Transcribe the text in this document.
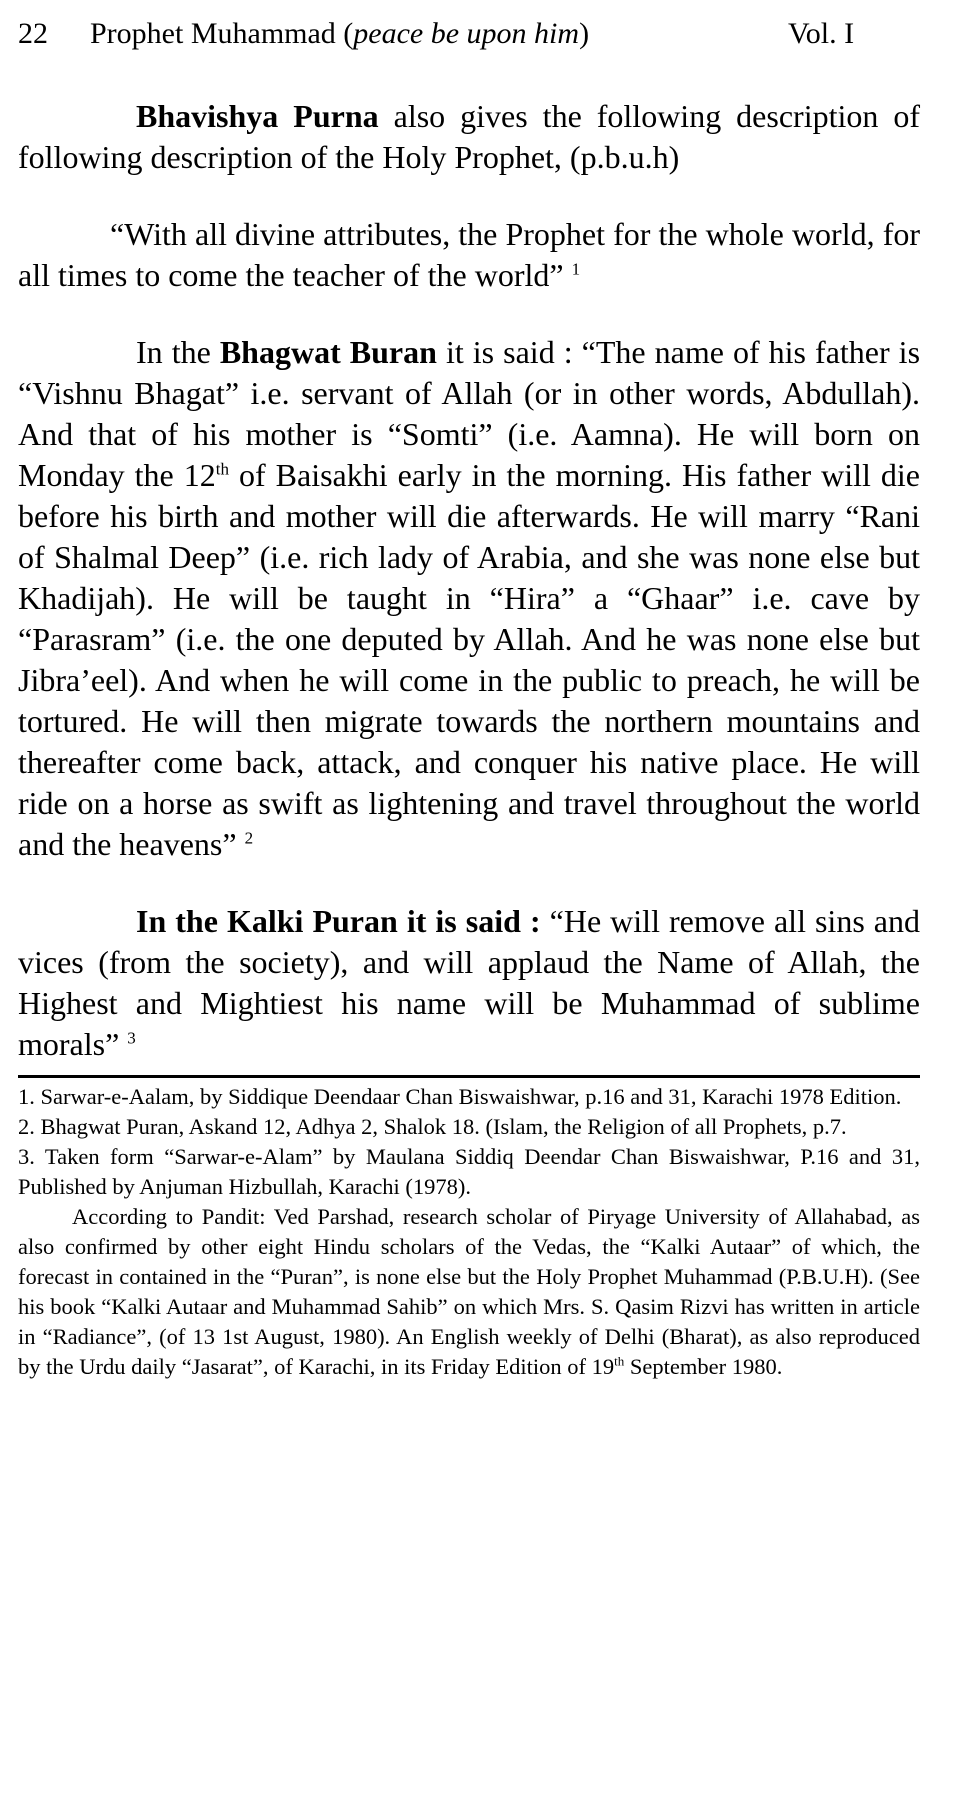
22 Prophet Muhammad (peace be upon him)	Vol. I

Bhavishya Purna also gives the following description of following description of the Holy Prophet, (p.b.u.h)

“With all divine attributes, the Prophet for the whole world, for all times to come the teacher of the world” $^1$

In the Bhagwat Buran it is said : “The name of his father is “Vishnu Bhagat” i.e. servant of Allah (or in other words, Abdullah). And that of his mother is “Somti” (i.e. Aamna). He will born on Monday the 12th of Baisakhi early in the morning. His father will die before his birth and mother will die afterwards. He will marry “Rani of Shalmal Deep” (i.e. rich lady of Arabia, and she was none else but Khadijah). He will be taught in “Hira” a “Ghaar” i.e. cave by “Parasram” (i.e. the one deputed by Allah. And he was none else but Jibra’eel). And when he will come in the public to preach, he will be tortured. He will then migrate towards the northern mountains and thereafter come back, attack, and conquer his native place. He will ride on a horse as swift as lightening and travel throughout the world and the heavens” $^2$

In the Kalki Puran it is said : “He will remove all sins and vices (from the society), and will applaud the Name of Allah, the Highest and Mightiest his name will be Muhammad of sublime morals” $^3$

1. Sarwar-e-Aalam, by Siddique Deendaar Chan Biswaishwar, p.16 and 31, Karachi 1978 Edition.

2. Bhagwat Puran, Askand 12, Adhya 2, Shalok 18. (Islam, the Religion of all Prophets, p.7.

3. Taken form “Sarwar-e-Alam” by Maulana Siddiq Deendar Chan Biswaishwar, P.16 and 31, Published by Anjuman Hizbullah, Karachi (1978).

According to Pandit: Ved Parshad, research scholar of Piryage University of Allahabad, as also confirmed by other eight Hindu scholars of the Vedas, the “Kalki Autaar” of which, the forecast in contained in the “Puran”, is none else but the Holy Prophet Muhammad (P.B.U.H). (See his book “Kalki Autaar and Muhammad Sahib” on which Mrs. S. Qasim Rizvi has written in article in “Radiance”, (of 13 1st August, 1980). An English weekly of Delhi (Bharat), as also reproduced by the Urdu daily “Jasarat”, of Karachi, in its Friday Edition of 19th September 1980.
